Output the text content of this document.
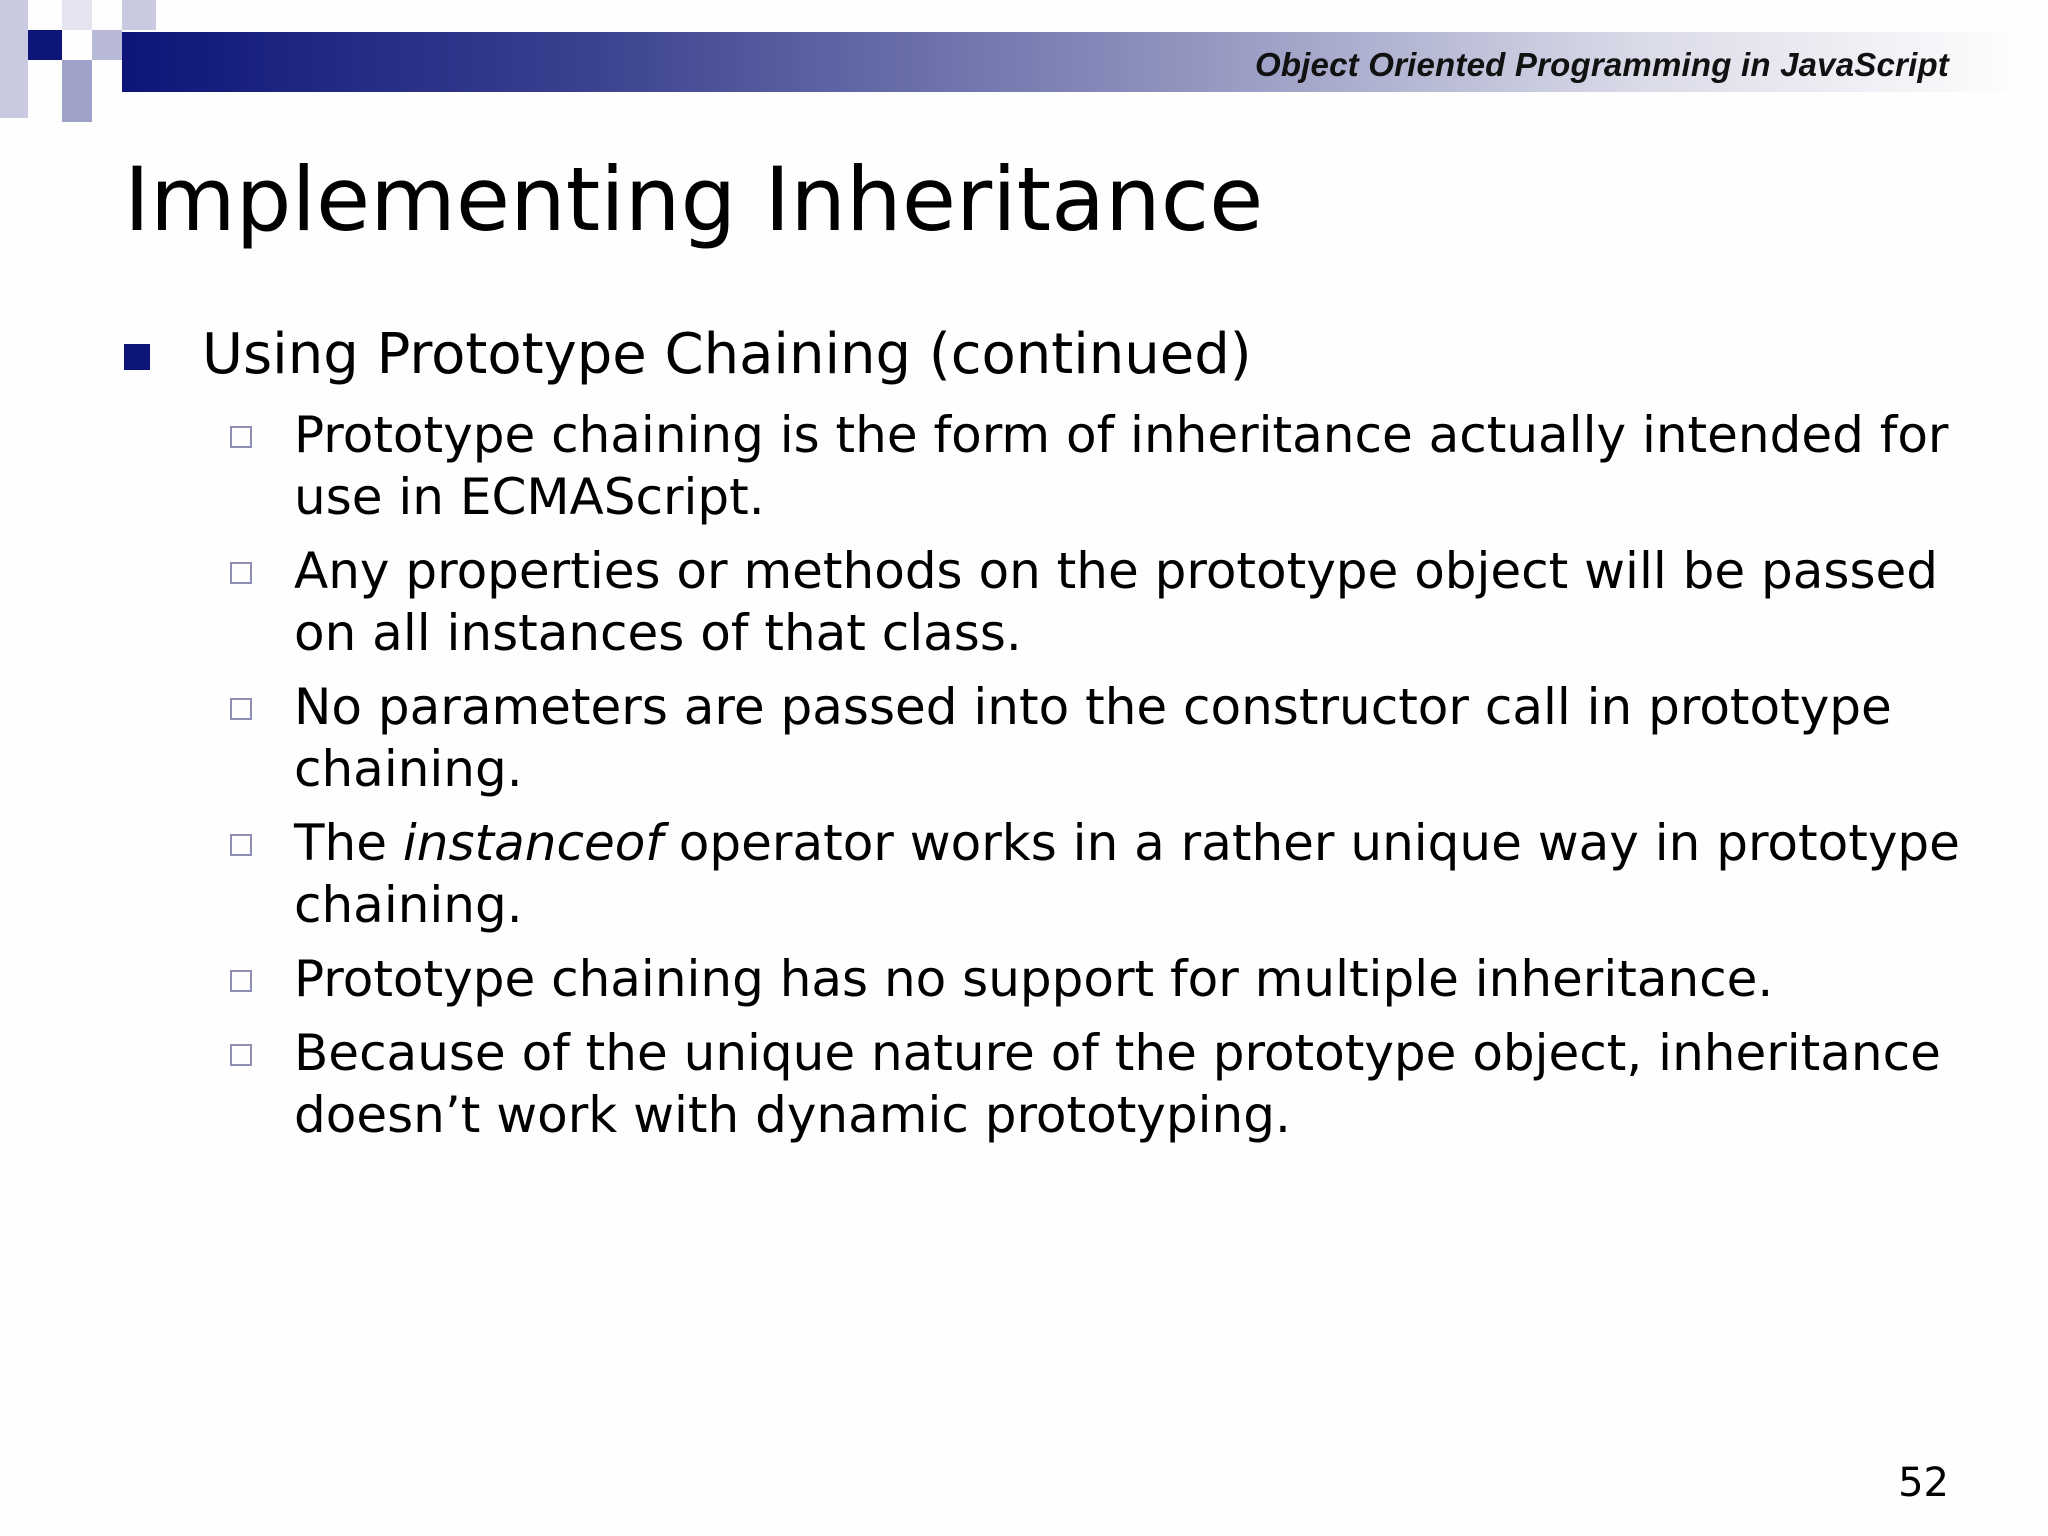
Object Oriented Programming in JavaScript
Implementing Inheritance
Using Prototype Chaining (continued)
Prototype chaining is the form of inheritance actually intended for use in ECMAScript.
Any properties or methods on the prototype object will be passed on all instances of that class.
No parameters are passed into the constructor call in prototype chaining.
The instanceof operator works in a rather unique way in prototype chaining.
Prototype chaining has no support for multiple inheritance.
Because of the unique nature of the prototype object, inheritance doesn’t work with dynamic prototyping.
52
